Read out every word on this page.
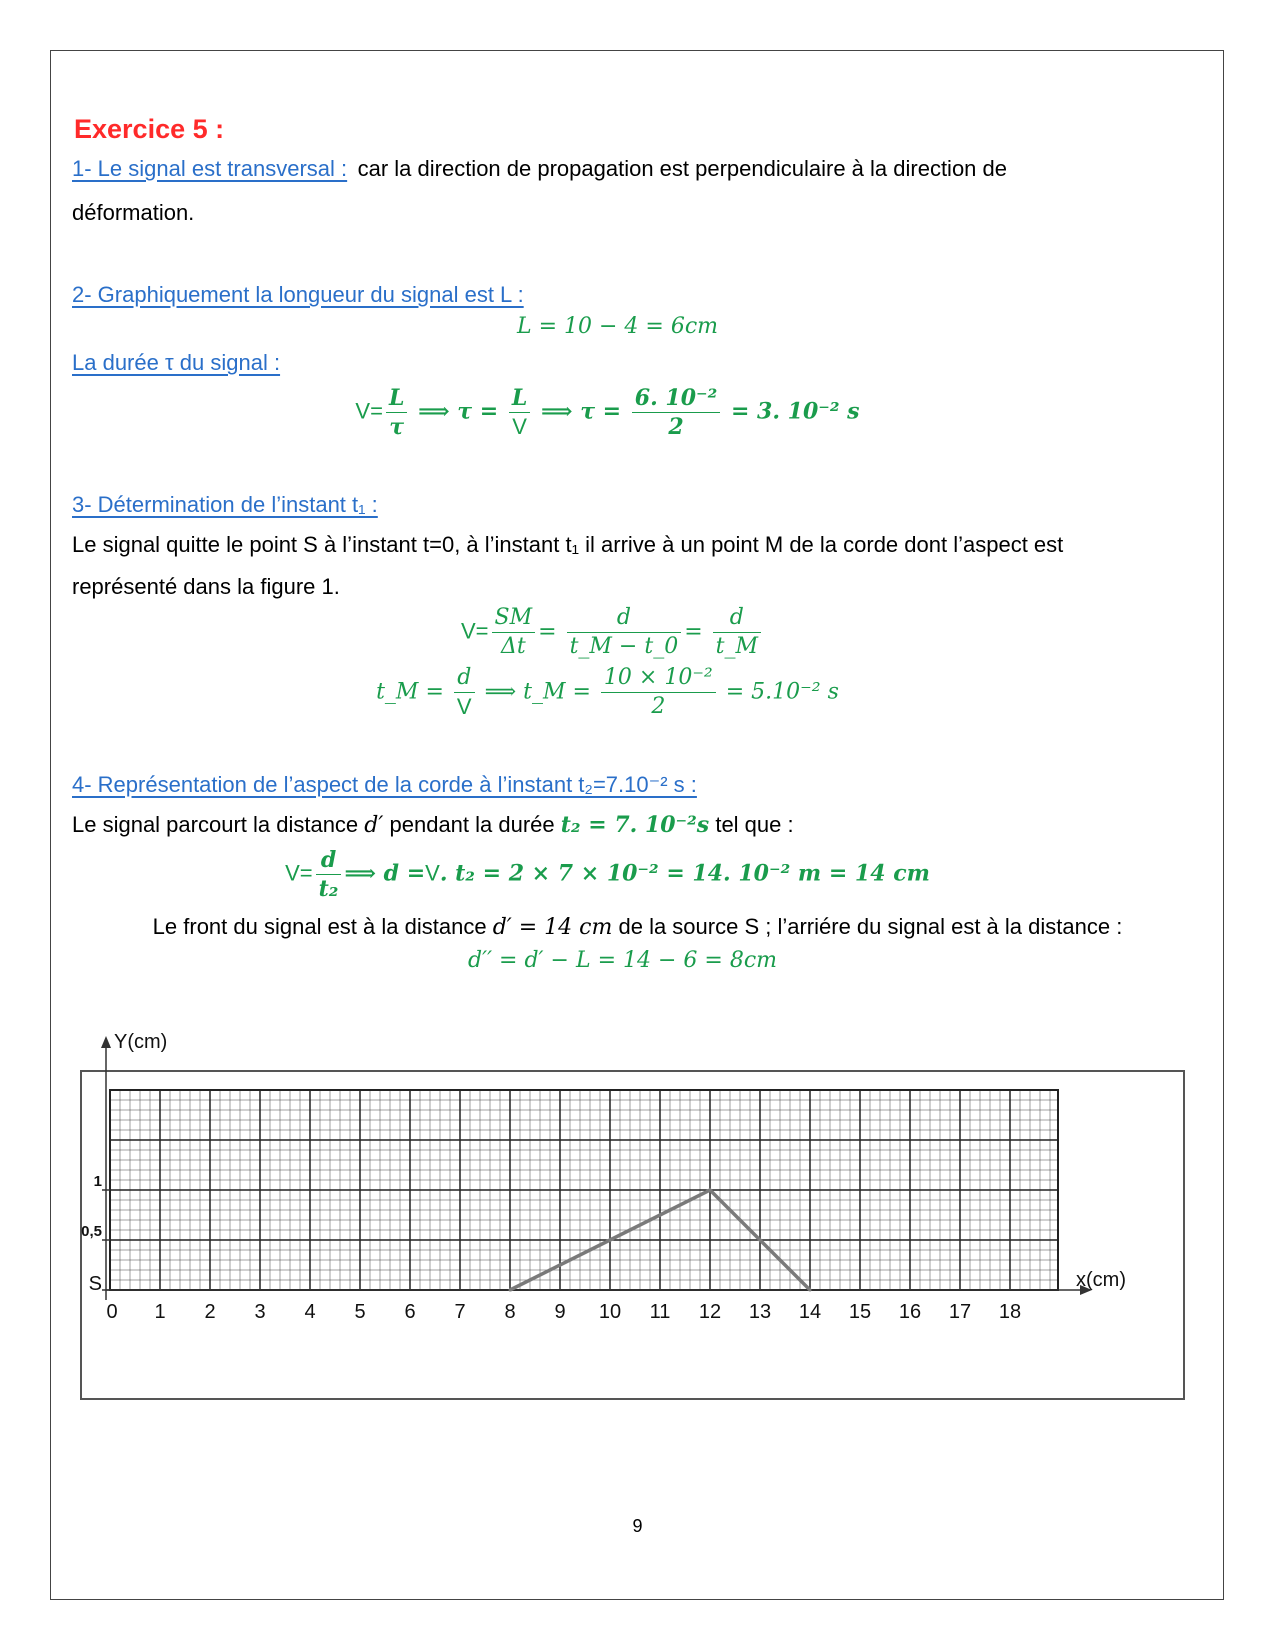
Exercice 5 :
1- Le signal est transversal : car la direction de propagation est perpendiculaire à la direction de
déformation.
2- Graphiquement la longueur du signal est L :
L = 10 − 4 = 6cm
La durée τ du signal :
$V= \frac{L}{\tau}$ ⟹ $\tau = \frac{L}{V}$ ⟹ $\tau = \frac{\text{6. 10⁻²}}{2} = 3$. 10⁻² s
3- Détermination de l’instant t₁ :
Le signal quitte le point S à l’instant t=0, à l’instant t₁ il arrive à un point M de la corde dont l’aspect est
représenté dans la figure 1.
$V= \frac{SM}{\Delta t} = \frac{d}{t\_M - t\_0} = \frac{d}{t\_M}$
t_M = $\frac{d}{V}$ ⟹ t_M = $\frac{\text{10 × 10⁻²}}{2} = 5.10^{-2}$ s
4- Représentation de l’aspect de la corde à l’instant t₂=7.10⁻² s :
Le signal parcourt la distance d′ pendant la durée t₂ = 7. 10⁻²s tel que :
$V= \frac{d}{\text{t₂}}$ ⟹ d =V. t₂ = 2 × 7 × 10⁻² = 14. 10⁻² m = 14 cm
Le front du signal est à la distance d′ = 14 cm de la source S ; l’arriére du signal est à la distance :
d′′ = d′ − L = 14 − 6 = 8cm
Y(cm)
x(cm)
0 1 2 3 4 5 6 7 8 9 10 11 12 13 14 15 16 17 18
S
0,5
1
9
